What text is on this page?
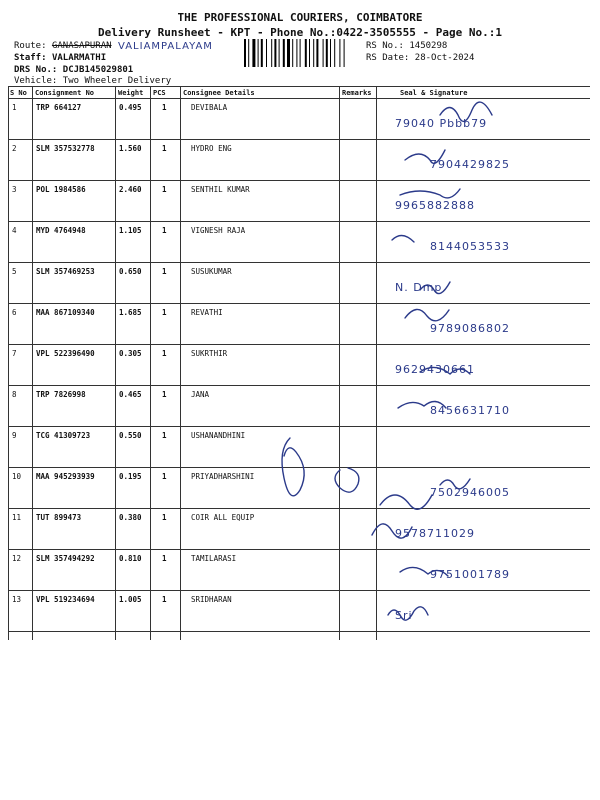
THE PROFESSIONAL COURIERS, COIMBATORE
Delivery Runsheet - KPT - Phone No.:0422-3505555 - Page No.:1
Route: GANASAPURAN VALIAMPALAYAM
Staff: VALARMATHI
DRS No.: DCJB145029801
Vehicle: Two Wheeler Delivery
RS No.: 1450298
RS Date: 28-Oct-2024
S No Consignment No	Weight PCS Consignee Details	Remarks	Seal & Signature
1	TRP 664127	0.495	1	DEVIBALA
79040 Pbbb79
2	SLM 357532778	1.560	1	HYDRO ENG
7904429825
3	POL 1984586	2.460	1	SENTHIL KUMAR
9965882888
4	MYD 4764948	1.105	1	VIGNESH RAJA
8144053533
5	SLM 357469253	0.650	1	SUSUKUMAR
N. Dmp
6	MAA 867109340	1.685	1	REVATHI
9789086802
7	VPL 522396490	0.305	1	SUKRTHIR
9629430661
8	TRP 7826998	0.465	1	JANA
8456631710
9	TCG 41309723	0.550	1	USHANANDHINI
10 MAA 945293939	0.195	1	PRIYADHARSHINI
7502946005
11 TUT 899473	0.380	1	COIR ALL EQUIP
9578711029
12 SLM 357494292	0.810	1	TAMILARASI
9751001789
13 VPL 519234694	1.005	1	SRIDHARAN
Sri
